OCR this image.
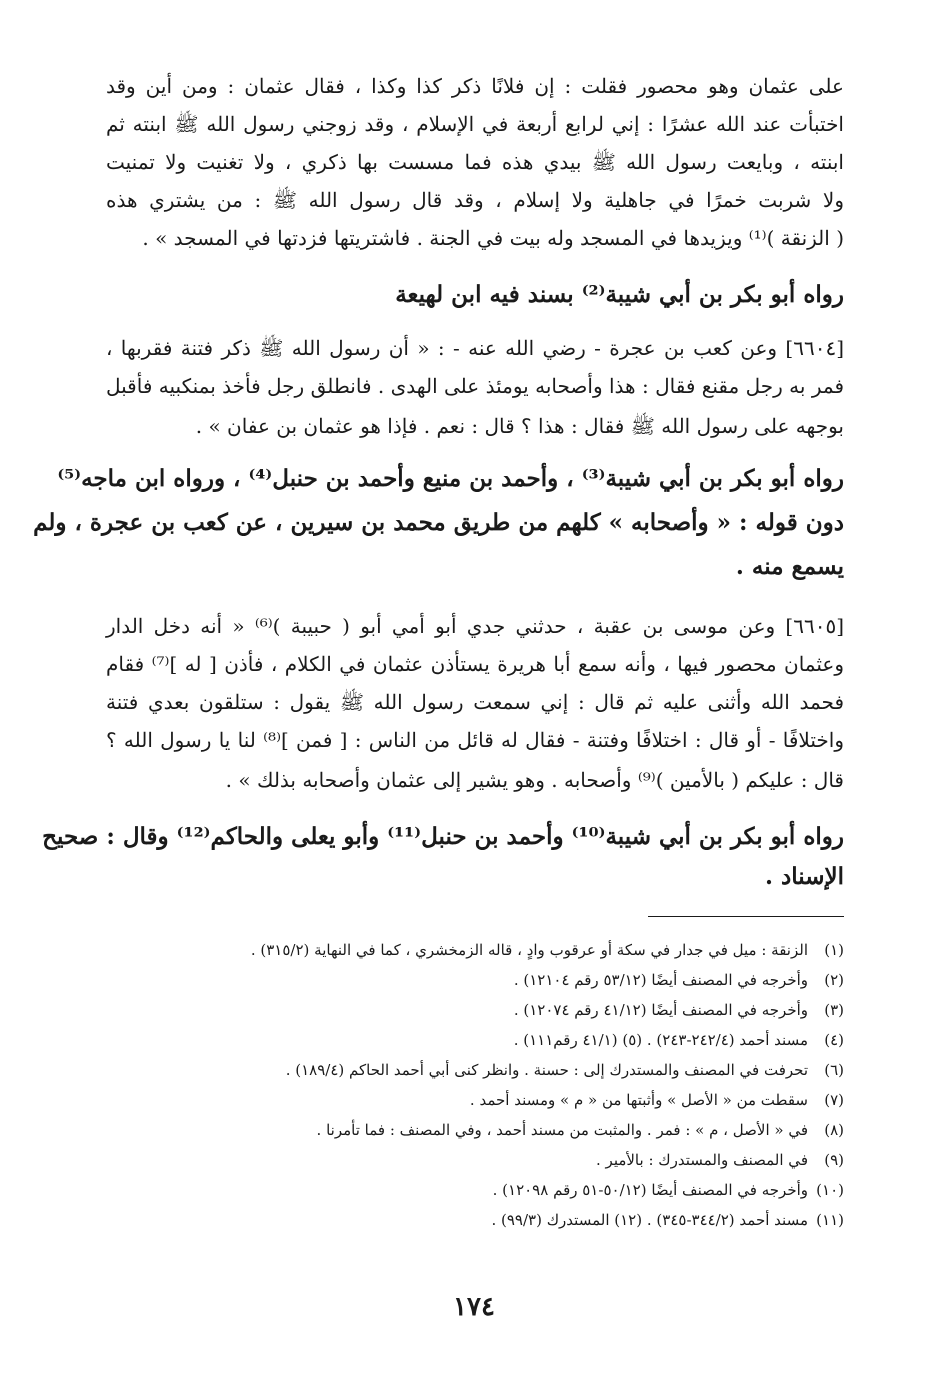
على عثمان وهو محصور فقلت : إن فلانًا ذكر كذا وكذا ، فقال عثمان : ومن أين وقد
اختبأت عند الله عشرًا : إني لرابع أربعة في الإسلام ، وقد زوجني رسول الله ﷺ ابنته ثم
ابنته ، وبايعت رسول الله ﷺ بيدي هذه فما مسست بها ذكري ، ولا تغنيت ولا تمنيت
ولا شربت خمرًا في جاهلية ولا إسلام ، وقد قال رسول الله ﷺ : من يشتري هذه
( الزنقة )⁽¹⁾ ويزيدها في المسجد وله بيت في الجنة . فاشتريتها فزدتها في المسجد » .
رواه أبو بكر بن أبي شيبة⁽²⁾ بسند فيه ابن لهيعة
[٦٦٠٤] وعن كعب بن عجرة - رضي الله عنه - : « أن رسول الله ﷺ ذكر فتنة فقربها ،
فمر به رجل مقنع فقال : هذا وأصحابه يومئذ على الهدى . فانطلق رجل فأخذ بمنكبيه فأقبل
بوجهه على رسول الله ﷺ فقال : هذا ؟ قال : نعم . فإذا هو عثمان بن عفان » .
رواه أبو بكر بن أبي شيبة⁽³⁾ ، وأحمد بن منيع وأحمد بن حنبل⁽⁴⁾ ، ورواه ابن ماجه⁽⁵⁾
دون قوله : « وأصحابه » كلهم من طريق محمد بن سيرين ، عن كعب بن عجرة ، ولم
يسمع منه .
[٦٦٠٥] وعن موسى بن عقبة ، حدثني جدي أبو أمي أبو ( حبيبة )⁽⁶⁾ « أنه دخل الدار
وعثمان محصور فيها ، وأنه سمع أبا هريرة يستأذن عثمان في الكلام ، فأذن [ له ]⁽⁷⁾ فقام
فحمد الله وأثنى عليه ثم قال : إني سمعت رسول الله ﷺ يقول : ستلقون بعدي فتنة
واختلافًا - أو قال : اختلافًا وفتنة - فقال له قائل من الناس : [ فمن ]⁽⁸⁾ لنا يا رسول الله ؟
قال : عليكم ( بالأمين )⁽⁹⁾ وأصحابه . وهو يشير إلى عثمان وأصحابه بذلك » .
رواه أبو بكر بن أبي شيبة⁽¹⁰⁾ وأحمد بن حنبل⁽¹¹⁾ وأبو يعلى والحاكم⁽¹²⁾ وقال : صحيح
الإسناد .
(١)الزنقة : ميل في جدار في سكة أو عرقوب وادٍ ، قاله الزمخشري ، كما في النهاية (٣١٥/٢) .
(٢)وأخرجه في المصنف أيضًا (٥٣/١٢ رقم ١٢١٠٤) .
(٣)وأخرجه في المصنف أيضًا (٤١/١٢ رقم ١٢٠٧٤) .
(٤)مسند أحمد (٢٤٢/٤-٢٤٣) . (٥) (٤١/١ رقم١١١) .
(٦)تحرفت في المصنف والمستدرك إلى : حسنة . وانظر كنى أبي أحمد الحاكم (١٨٩/٤) .
(٧)سقطت من « الأصل » وأثبتها من « م » ومسند أحمد .
(٨)في « الأصل ، م » : فمر . والمثبت من مسند أحمد ، وفي المصنف : فما تأمرنا .
(٩)في المصنف والمستدرك : بالأمير .
(١٠)وأخرجه في المصنف أيضًا (٥٠/١٢-٥١ رقم ١٢٠٩٨) .
(١١)مسند أحمد (٣٤٤/٢-٣٤٥) . (١٢) المستدرك (٩٩/٣) .
١٧٤
